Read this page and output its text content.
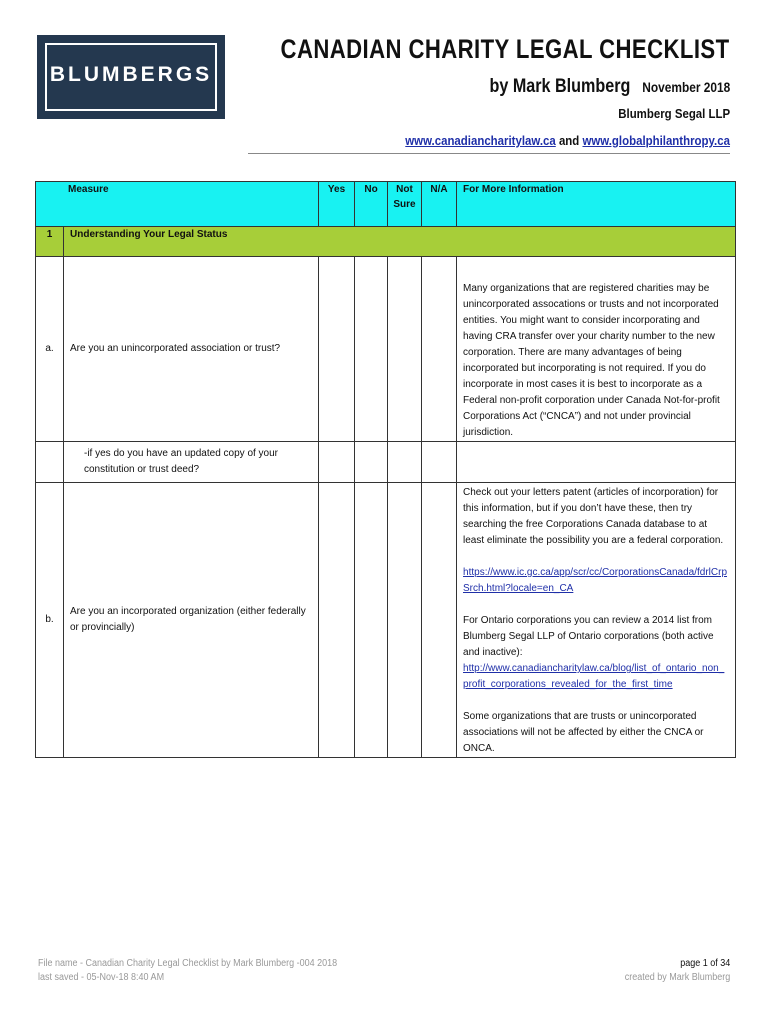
BLUMBERGS
CANADIAN CHARITY LEGAL CHECKLIST
by Mark Blumberg November 2018
Blumberg Segal LLP
www.canadiancharitylaw.ca and www.globalphilanthropy.ca
Measure		Yes	No	Not
Sure	N/A	For More Information
1	Understanding Your Legal Status					
a.	Are you an unincorporated association or trust?					Many organizations that are registered charities may be unincorporated assocations or trusts and not incorporated entities. You might want to consider incorporating and having CRA transfer over your charity number to the new corporation. There are many advantages of being incorporated but incorporating is not required. If you do incorporate in most cases it is best to incorporate as a Federal non-profit corporation under Canada Not-for-profit Corporations Act (“CNCA”) and not under provincial jurisdiction.

	-if yes do you have an updated copy of your constitution or trust deed?					
b.	Are you an incorporated organization (either federally or provincially)					Check out your letters patent (articles of incorporation) for this information, but if you don’t have these, then try searching the free Corporations Canada database to at least eliminate the possibility you are a federal corporation.

https://www.ic.gc.ca/app/scr/cc/CorporationsCanada/fdrlCrpSrch.html?locale=en_CA

For Ontario corporations you can review a 2014 list from Blumberg Segal LLP of Ontario corporations (both active and inactive):

http://www.canadiancharitylaw.ca/blog/list_of_ontario_non_profit_corporations_revealed_for_the_first_time

Some organizations that are trusts or unincorporated associations will not be affected by either the CNCA or ONCA.

File name - Canadian Charity Legal Checklist by Mark Blumberg -004 2018
last saved - 05-Nov-18 8:40 AM
page 1 of 34
created by Mark Blumberg
